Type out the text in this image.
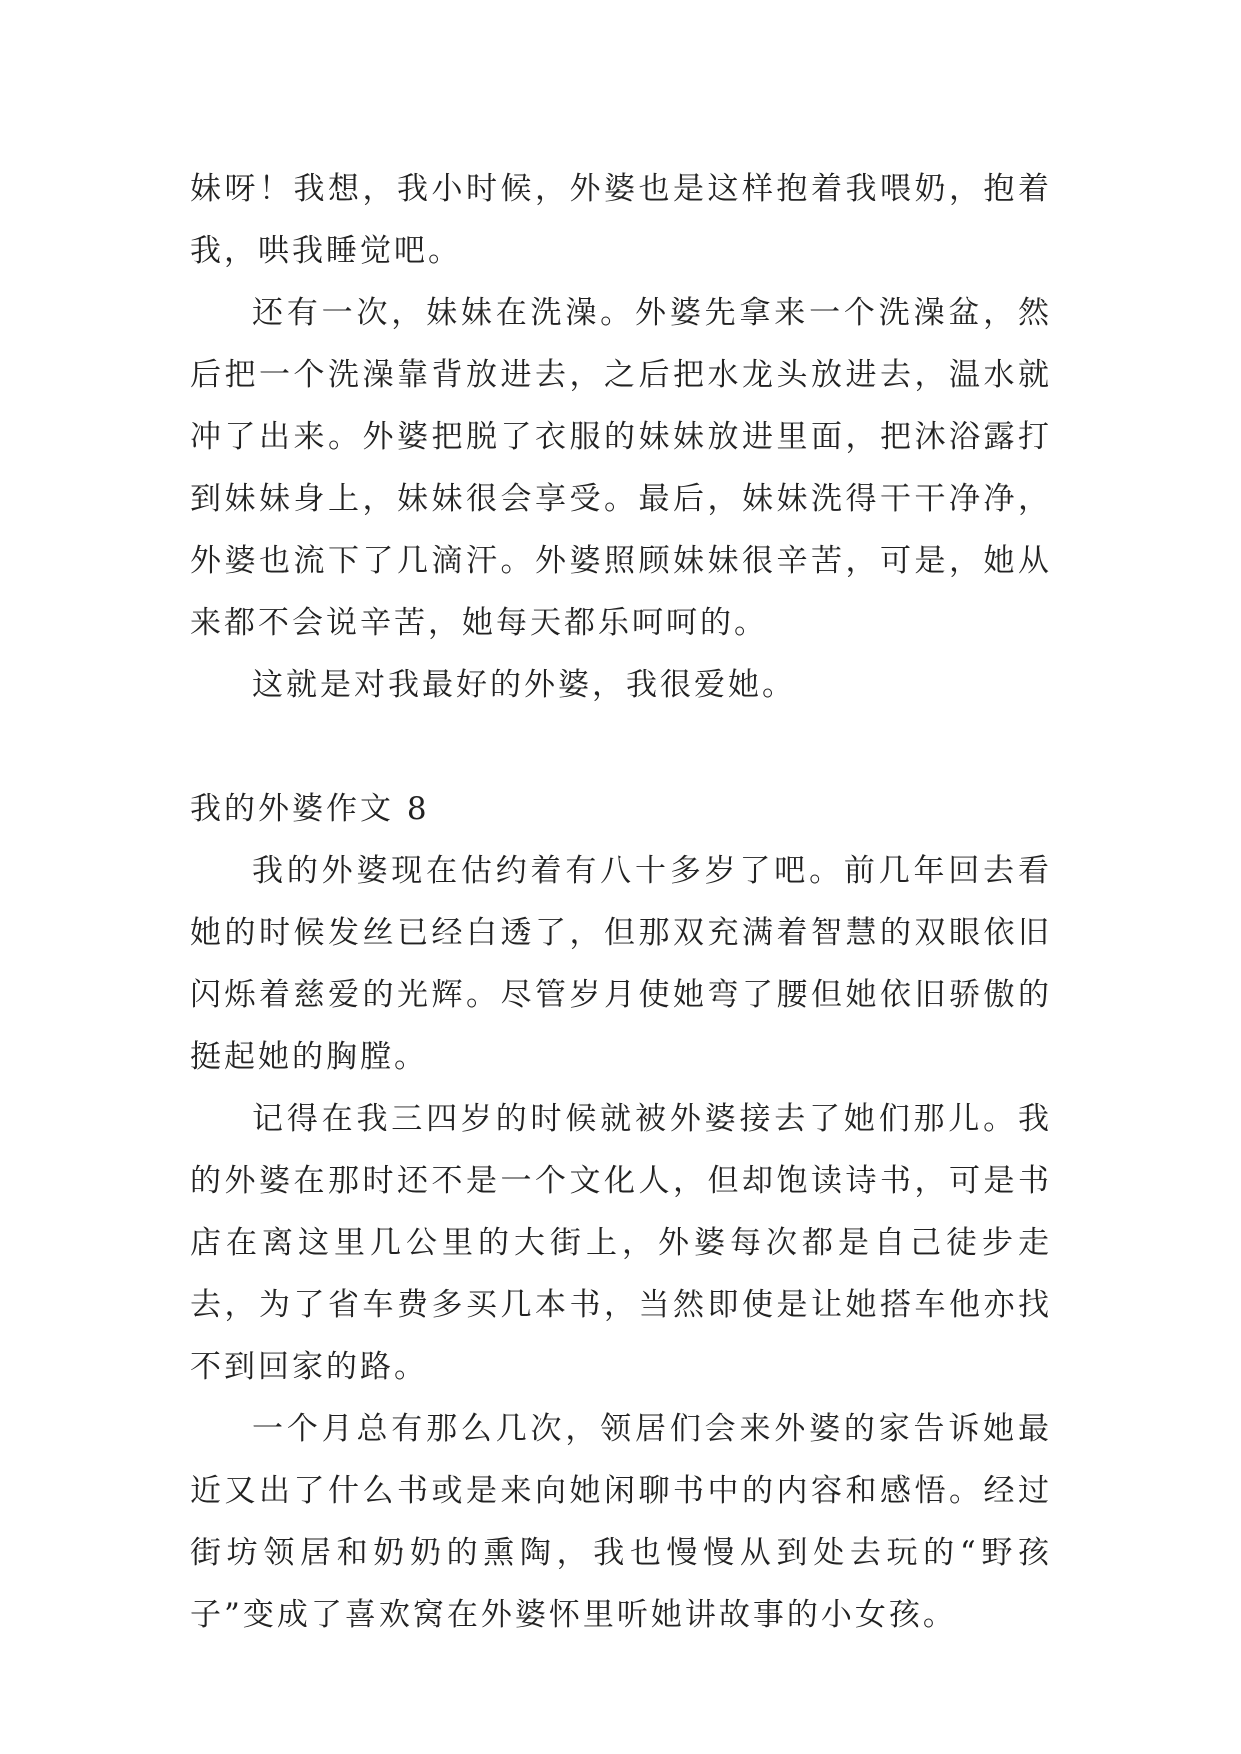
妹呀！我想，我小时候，外婆也是这样抱着我喂奶，抱着我，哄我睡觉吧。

还有一次，妹妹在洗澡。外婆先拿来一个洗澡盆，然后把一个洗澡靠背放进去，之后把水龙头放进去，温水就冲了出来。外婆把脱了衣服的妹妹放进里面，把沐浴露打到妹妹身上，妹妹很会享受。最后，妹妹洗得干干净净，外婆也流下了几滴汗。外婆照顾妹妹很辛苦，可是，她从来都不会说辛苦，她每天都乐呵呵的。

这就是对我最好的外婆，我很爱她。

我的外婆作文 8

我的外婆现在估约着有八十多岁了吧。前几年回去看她的时候发丝已经白透了，但那双充满着智慧的双眼依旧闪烁着慈爱的光辉。尽管岁月使她弯了腰但她依旧骄傲的挺起她的胸膛。

记得在我三四岁的时候就被外婆接去了她们那儿。我的外婆在那时还不是一个文化人，但却饱读诗书，可是书店在离这里几公里的大街上，外婆每次都是自己徒步走去，为了省车费多买几本书，当然即使是让她搭车他亦找不到回家的路。

一个月总有那么几次，领居们会来外婆的家告诉她最近又出了什么书或是来向她闲聊书中的内容和感悟。经过街坊领居和奶奶的熏陶，我也慢慢从到处去玩的“野孩子”变成了喜欢窝在外婆怀里听她讲故事的小女孩。
